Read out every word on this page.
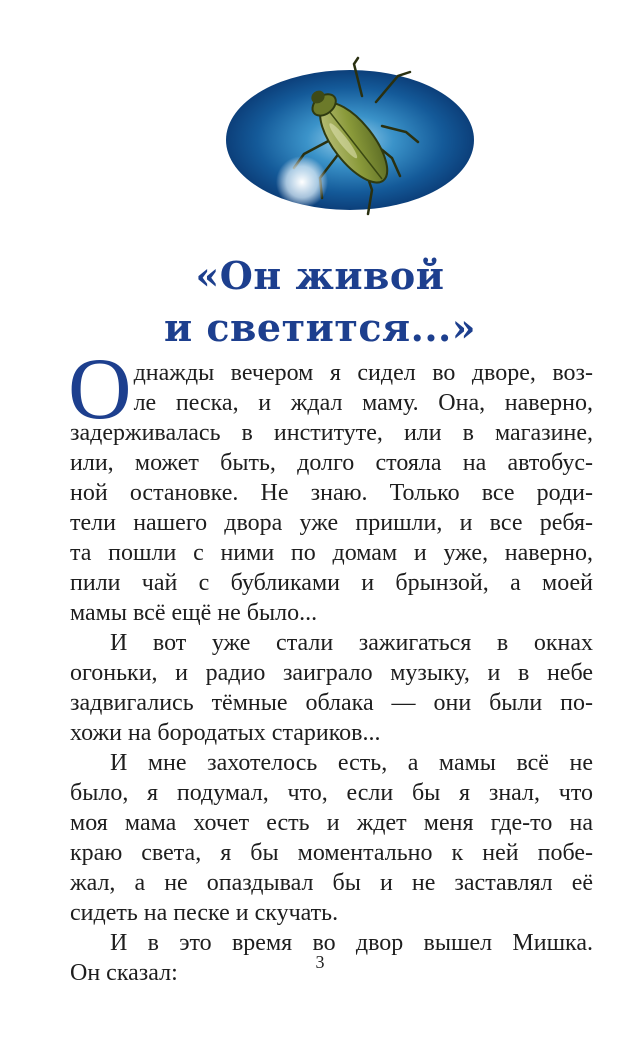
«Он живой
и светится...»
О днажды вечером я сидел во дворе, воз-
ле песка, и ждал маму. Она, наверно,
задерживалась в институте, или в магазине,
или, может быть, долго стояла на автобус-
ной остановке. Не знаю. Только все роди-
тели нашего двора уже пришли, и все ребя-
та пошли с ними по домам и уже, наверно,
пили чай с бубликами и брынзой, а моей
мамы всё ещё не было...
И вот уже стали зажигаться в окнах
огоньки, и радио заиграло музыку, и в небе
задвигались тёмные облака — они были по-
хожи на бородатых стариков...
И мне захотелось есть, а мамы всё не
было, я подумал, что, если бы я знал, что
моя мама хочет есть и ждет меня где-то на
краю света, я бы моментально к ней побе-
жал, а не опаздывал бы и не заставлял её
сидеть на песке и скучать.
И в это время во двор вышел Мишка.
Он сказал:	3
